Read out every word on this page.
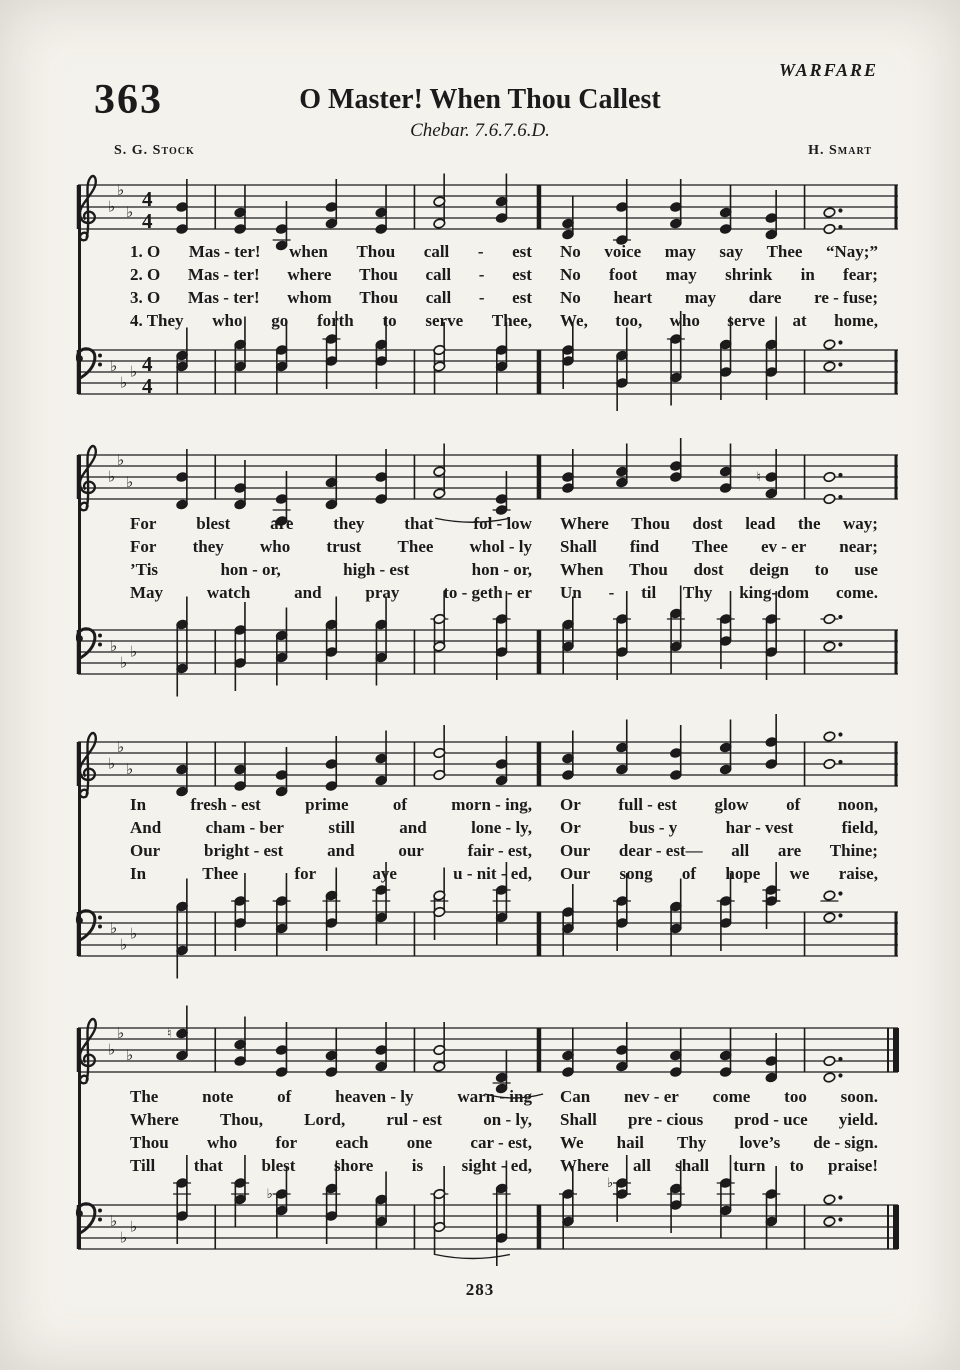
WARFARE
363	O Master! When Thou Callest
Chebar. 7.6.7.6.D.
S. G. Stock	H. Smart
♭
♭
♭
4
4
♭
♭
♭ 4
4
♭
♭
♭	♮
♭
♭
♭
♭
♭
♭
♭
♭
♭
♭
♭
♭
♮
♭
♭
♭
♭
♭
1. O Mas - ter! when Thou call - est No voice may say Thee “Nay;”
2. O Mas - ter! where Thou call - est No foot may shrink in fear;
3. O Mas - ter! whom Thou call - est No heart may dare re - fuse;
4. They who go forth to serve Thee, We, too, who serve at home,
For blest are they that fol - low Where Thou dost lead the way;
For they who trust Thee whol - ly Shall find Thee ev - er near;
’Tis	hon - or,	high - est	hon - or, When Thou dost deign to use
May	watch	and	pray	to - geth - er Un - til Thy king-dom come.
In	fresh - est	prime	of	morn - ing, Or full - est glow of noon,
And	cham - ber	still	and	lone - ly, Or	bus - y	har - vest	field,
Our	bright - est	and	our	fair - est, Our dear - est— all are Thine;
In	Thee	for	aye	u - nit - ed, Our song of hope we raise,
The	note	of	heaven - ly	warn - ing Can nev - er come too soon.
Where Thou, Lord, rul - est on - ly, Shall pre - cious prod - uce yield.
Thou who for each one car - est, We hail Thy love’s de - sign.
Till that blest shore is sight - ed, Where all shall turn to praise!
283
